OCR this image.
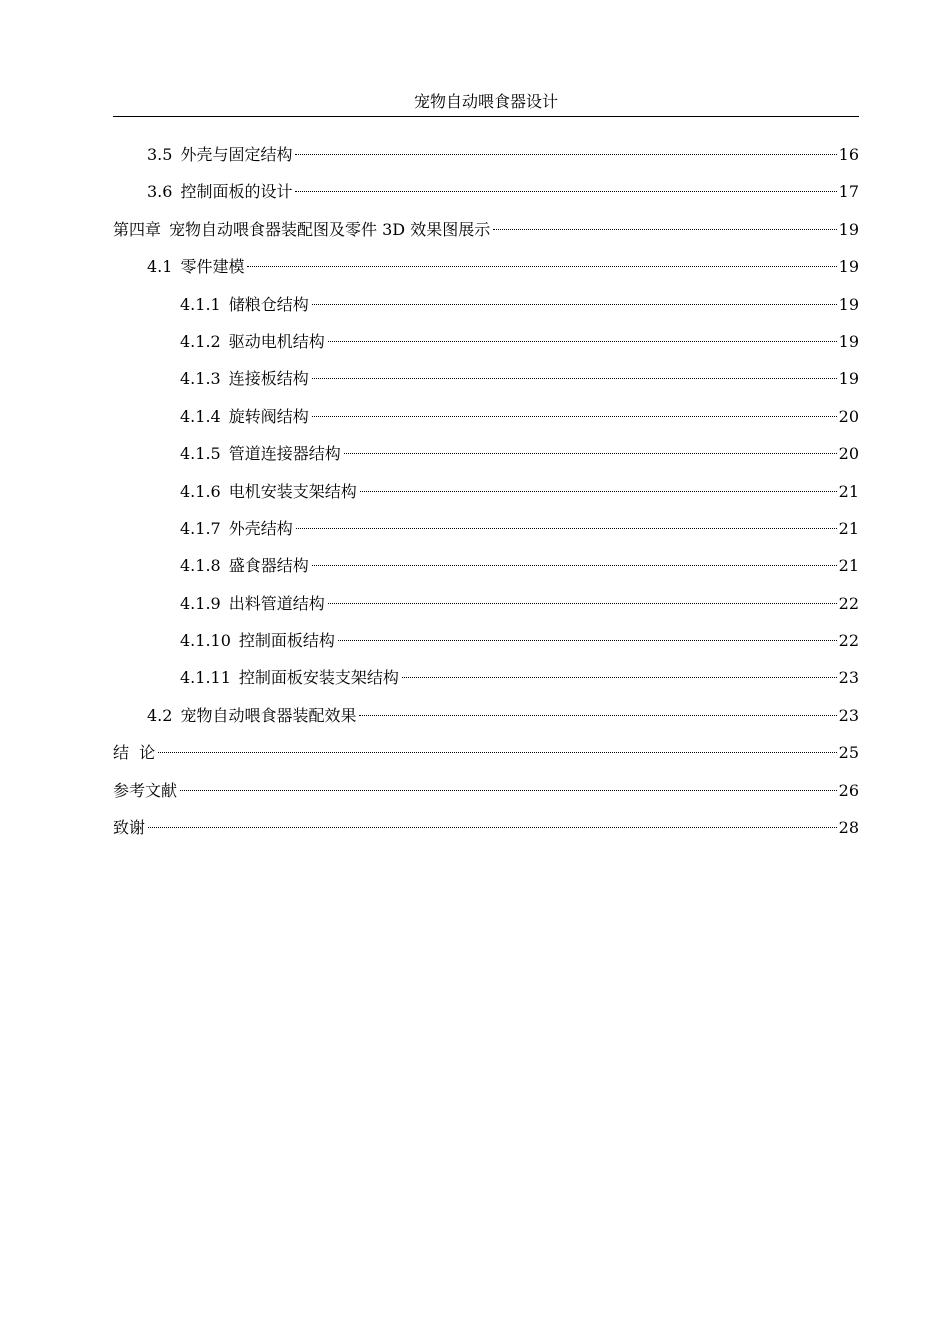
宠物自动喂食器设计
3.5 外壳与固定结构	16
3.6 控制面板的设计	17
第四章 宠物自动喂食器装配图及零件 3D 效果图展示	19
4.1 零件建模	19
4.1.1 储粮仓结构	19
4.1.2 驱动电机结构	19
4.1.3 连接板结构	19
4.1.4 旋转阀结构	20
4.1.5 管道连接器结构	20
4.1.6 电机安装支架结构	21
4.1.7 外壳结构	21
4.1.8 盛食器结构	21
4.1.9 出料管道结构	22
4.1.10 控制面板结构	22
4.1.11 控制面板安装支架结构	23
4.2 宠物自动喂食器装配效果	23
结  论	25
参考文献	26
致谢	28
